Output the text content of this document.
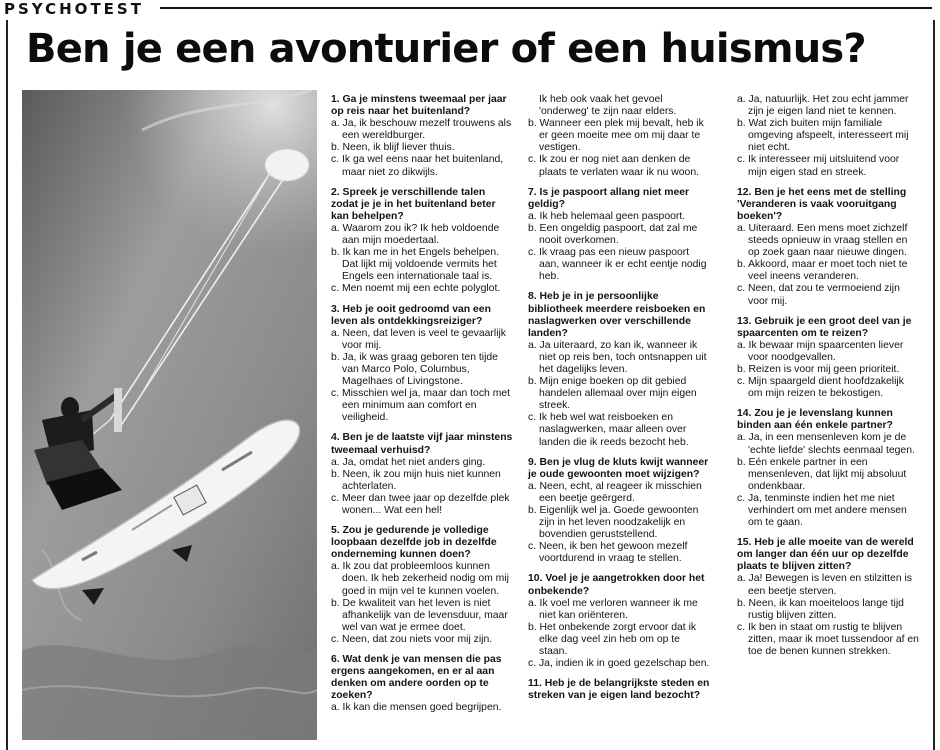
PSYCHOTEST
Ben je een avonturier of een huismus?
1. Ga je minstens tweemaal per jaar op reis naar het buitenland?
a. Ja, ik beschouw mezelf trouwens als een wereldburger.
b. Neen, ik blijf liever thuis.
c. Ik ga wel eens naar het buitenland, maar niet zo dikwijls.
2. Spreek je verschillende talen zodat je je in het buitenland beter kan behelpen?
a. Waarom zou ik? Ik heb voldoende aan mijn moedertaal.
b. Ik kan me in het Engels behelpen. Dat lijkt mij voldoende vermits het Engels een internationale taal is.
c. Men noemt mij een echte polyglot.
3. Heb je ooit gedroomd van een leven als ontdekkingsreiziger?
a. Neen, dat leven is veel te gevaarlijk voor mij.
b. Ja, ik was graag geboren ten tijde van Marco Polo, Columbus, Magelhaes of Livingstone.
c. Misschien wel ja, maar dan toch met een minimum aan comfort en veiligheid.
4. Ben je de laatste vijf jaar minstens tweemaal verhuisd?
a. Ja, omdat het niet anders ging.
b. Neen, ik zou mijn huis niet kunnen achterlaten.
c. Meer dan twee jaar op dezelfde plek wonen... Wat een hel!
5. Zou je gedurende je volledige loopbaan dezelfde job in dezelfde onderneming kunnen doen?
a. Ik zou dat probleemloos kunnen doen. Ik heb zekerheid nodig om mij goed in mijn vel te kunnen voelen.
b. De kwaliteit van het leven is niet afhankelijk van de levensduur, maar wel van wat je ermee doet.
c. Neen, dat zou niets voor mij zijn.
6. Wat denk je van mensen die pas ergens aangekomen, en er al aan denken om andere oorden op te zoeken?
a. Ik kan die mensen goed begrijpen.
Ik heb ook vaak het gevoel 'onderweg' te zijn naar elders.
b. Wanneer een plek mij bevalt, heb ik er geen moeite mee om mij daar te vestigen.
c. Ik zou er nog niet aan denken de plaats te verlaten waar ik nu woon.
7. Is je paspoort allang niet meer geldig?
a. Ik heb helemaal geen paspoort.
b. Een ongeldig paspoort, dat zal me nooit overkomen.
c. Ik vraag pas een nieuw paspoort aan, wanneer ik er echt eentje nodig heb.
8. Heb je in je persoonlijke bibliotheek meerdere reisboeken en naslagwerken over verschillende landen?
a. Ja uiteraard, zo kan ik, wanneer ik niet op reis ben, toch ontsnappen uit het dagelijks leven.
b. Mijn enige boeken op dit gebied handelen allemaal over mijn eigen streek.
c. Ik heb wel wat reisboeken en naslagwerken, maar alleen over landen die ik reeds bezocht heb.
9. Ben je vlug de kluts kwijt wanneer je oude gewoonten moet wijzigen?
a. Neen, echt, al reageer ik misschien een beetje geërgerd.
b. Eigenlijk wel ja. Goede gewoonten zijn in het leven noodzakelijk en bovendien geruststellend.
c. Neen, ik ben het gewoon mezelf voortdurend in vraag te stellen.
10. Voel je je aangetrokken door het onbekende?
a. Ik voel me verloren wanneer ik me niet kan oriënteren.
b. Het onbekende zorgt ervoor dat ik elke dag veel zin heb om op te staan.
c. Ja, indien ik in goed gezelschap ben.
11. Heb je de belangrijkste steden en streken van je eigen land bezocht?
a. Ja, natuurlijk. Het zou echt jammer zijn je eigen land niet te kennen.
b. Wat zich buiten mijn familiale omgeving afspeelt, interesseert mij niet echt.
c. Ik interesseer mij uitsluitend voor mijn eigen stad en streek.
12. Ben je het eens met de stelling 'Veranderen is vaak vooruitgang boeken'?
a. Uiteraard. Een mens moet zichzelf steeds opnieuw in vraag stellen en op zoek gaan naar nieuwe dingen.
b. Akkoord, maar er moet toch niet te veel ineens veranderen.
c. Neen, dat zou te vermoeiend zijn voor mij.
13. Gebruik je een groot deel van je spaarcenten om te reizen?
a. Ik bewaar mijn spaarcenten liever voor noodgevallen.
b. Reizen is voor mij geen prioriteit.
c. Mijn spaargeld dient hoofdzakelijk om mijn reizen te bekostigen.
14. Zou je je levenslang kunnen binden aan één enkele partner?
a. Ja, in een mensenleven kom je de 'echte liefde' slechts eenmaal tegen.
b. Eén enkele partner in een mensenleven, dat lijkt mij absoluut ondenkbaar.
c. Ja, tenminste indien het me niet verhindert om met andere mensen om te gaan.
15. Heb je alle moeite van de wereld om langer dan één uur op dezelfde plaats te blijven zitten?
a. Ja! Bewegen is leven en stilzitten is een beetje sterven.
b. Neen, ik kan moeiteloos lange tijd rustig blijven zitten.
c. Ik ben in staat om rustig te blijven zitten, maar ik moet tussendoor af en toe de benen kunnen strekken.
